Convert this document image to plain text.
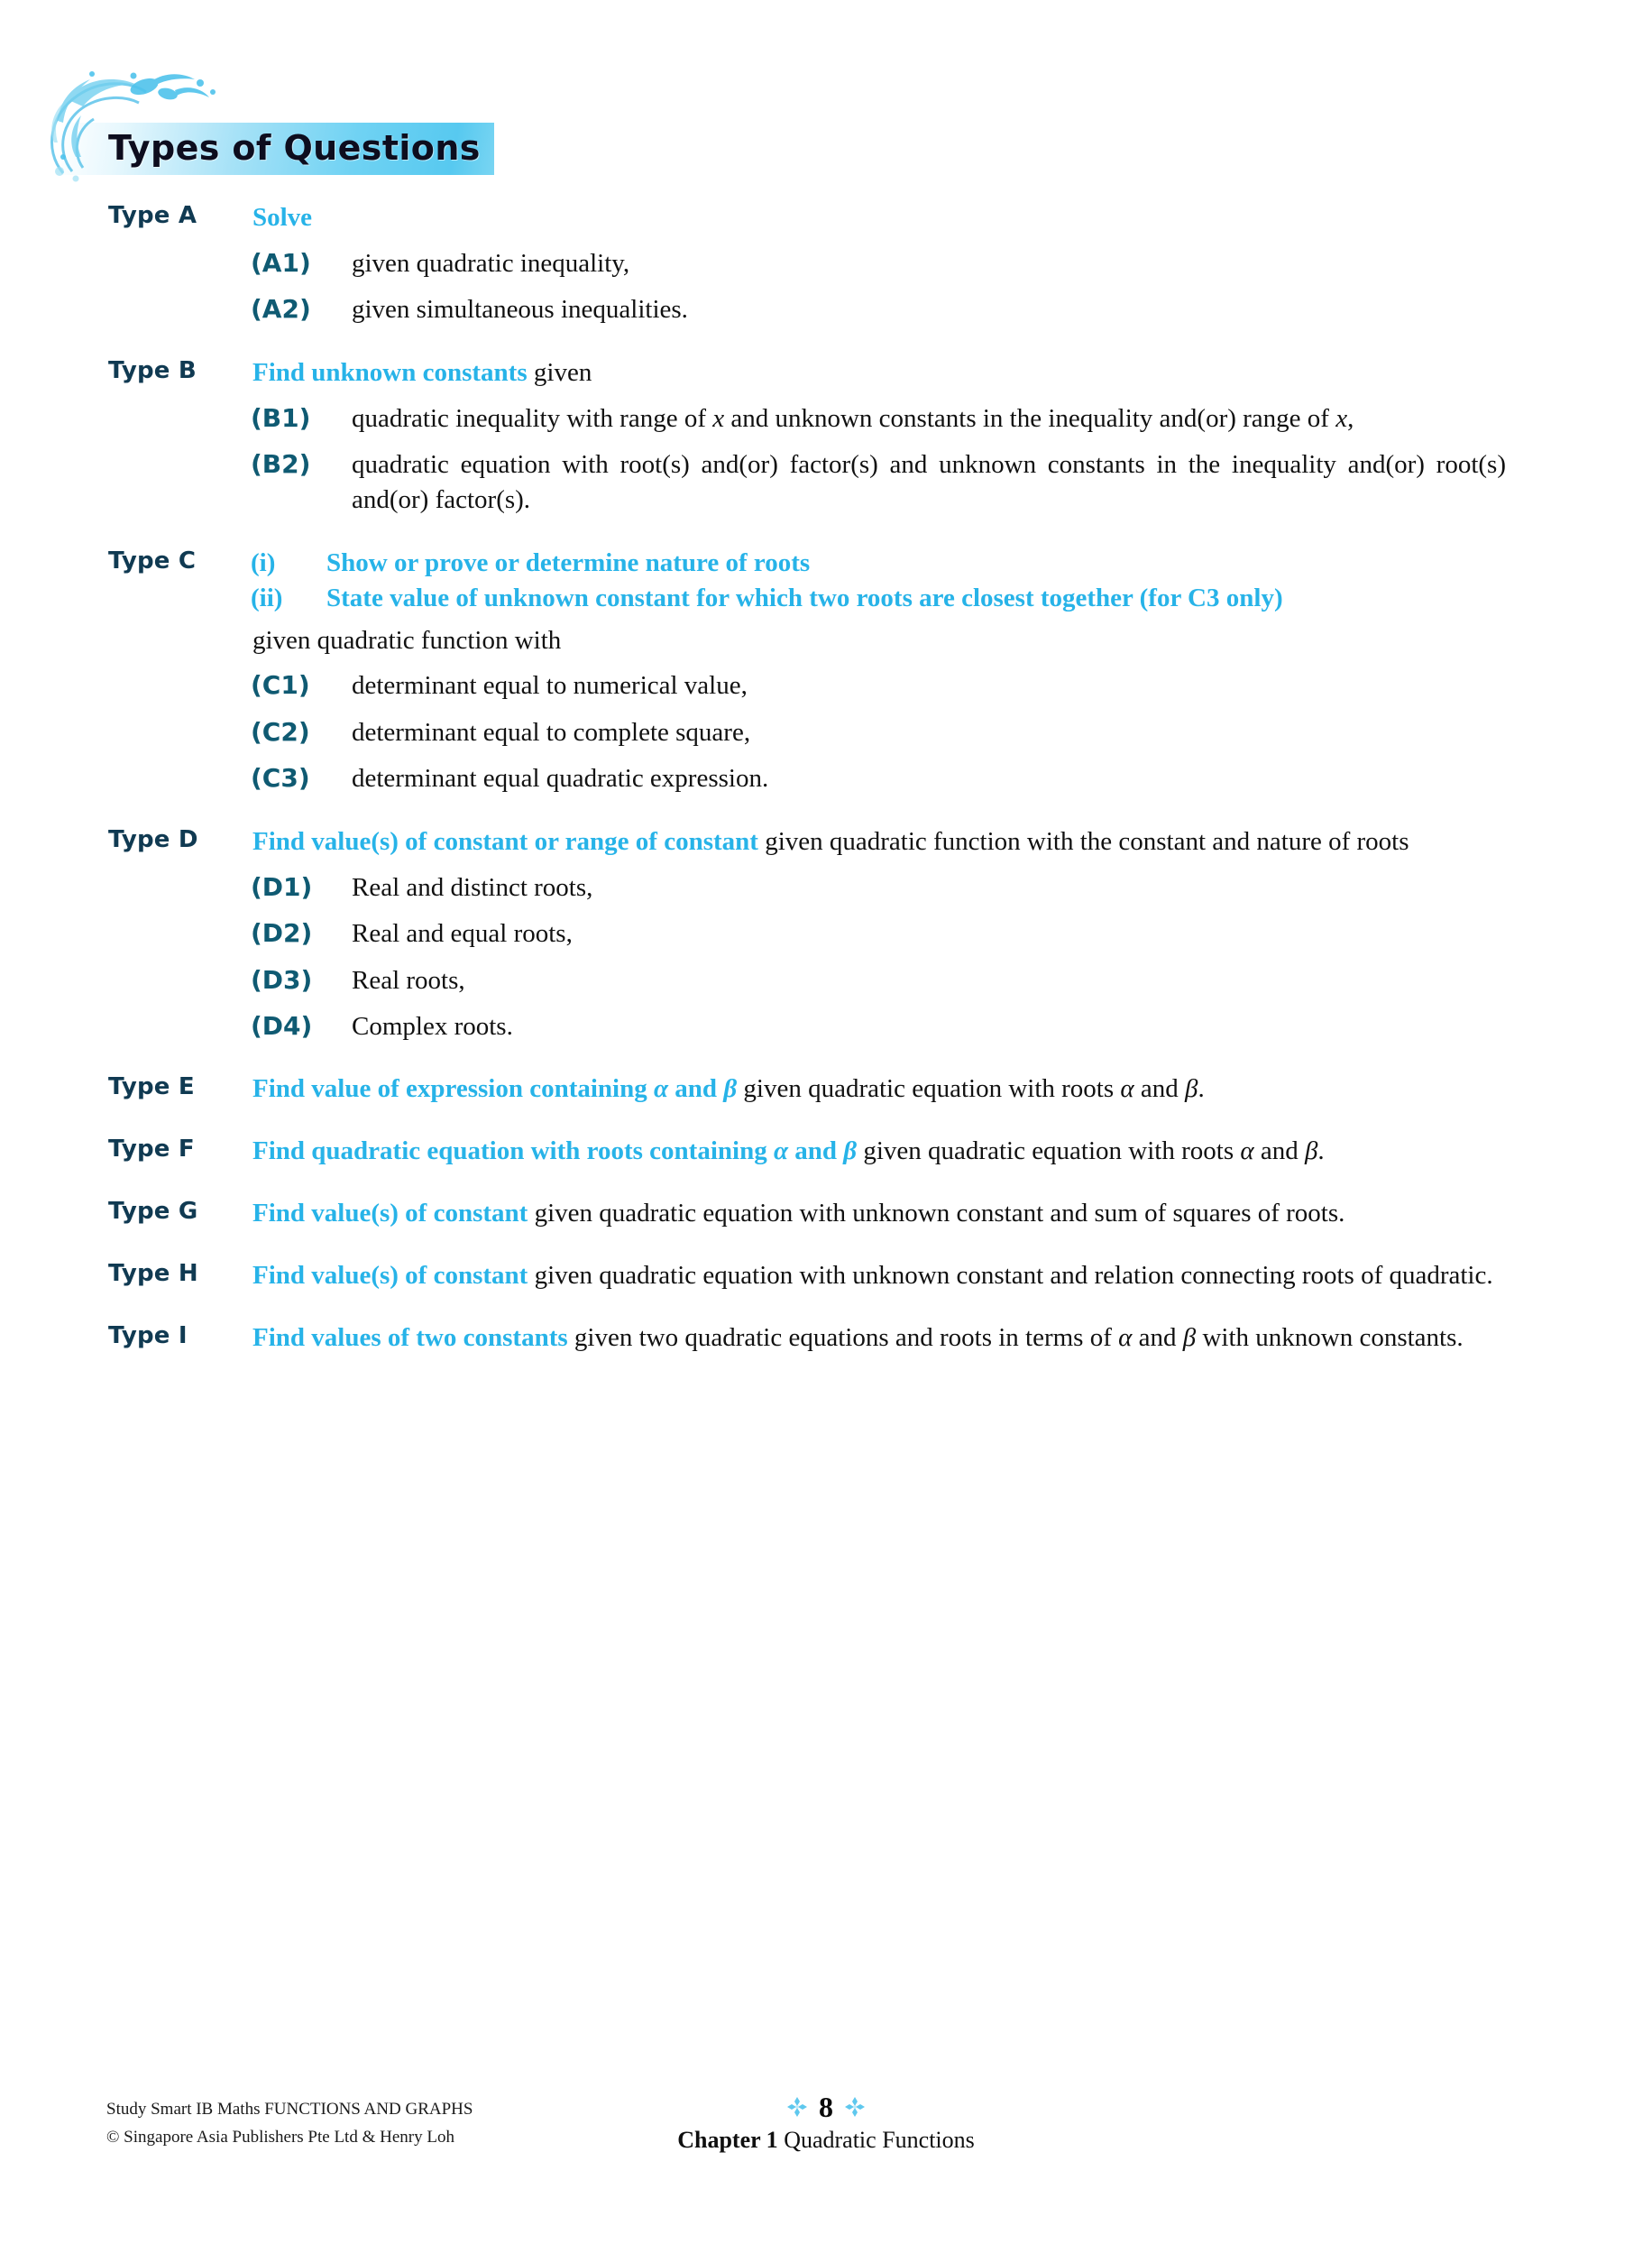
Types of Questions
Type A	Solve
(A1)	given quadratic inequality,
(A2)	given simultaneous inequalities.
Type B	Find unknown constants given
(B1)	quadratic inequality with range of x and unknown constants in the inequality and(or) range of x,
(B2)	quadratic equation with root(s) and(or) factor(s) and unknown constants in the inequality and(or) root(s) and(or) factor(s).
Type C	(i)	Show or prove or determine nature of roots
(ii)	State value of unknown constant for which two roots are closest together (for C3 only)
given quadratic function with
(C1)	determinant equal to numerical value,
(C2)	determinant equal to complete square,
(C3)	determinant equal quadratic expression.
Type D	Find value(s) of constant or range of constant given quadratic function with the constant and nature of roots
(D1)	Real and distinct roots,
(D2)	Real and equal roots,
(D3)	Real roots,
(D4)	Complex roots.
Type E	Find value of expression containing α and β given quadratic equation with roots α and β.
Type F	Find quadratic equation with roots containing α and β given quadratic equation with roots α and β.
Type G	Find value(s) of constant given quadratic equation with unknown constant and sum of squares of roots.
Type H	Find value(s) of constant given quadratic equation with unknown constant and relation connecting roots of quadratic.
Type I	Find values of two constants given two quadratic equations and roots in terms of α and β with unknown constants.
Study Smart IB Maths FUNCTIONS AND GRAPHS
© Singapore Asia Publishers Pte Ltd & Henry Loh
8
Chapter 1 Quadratic Functions
